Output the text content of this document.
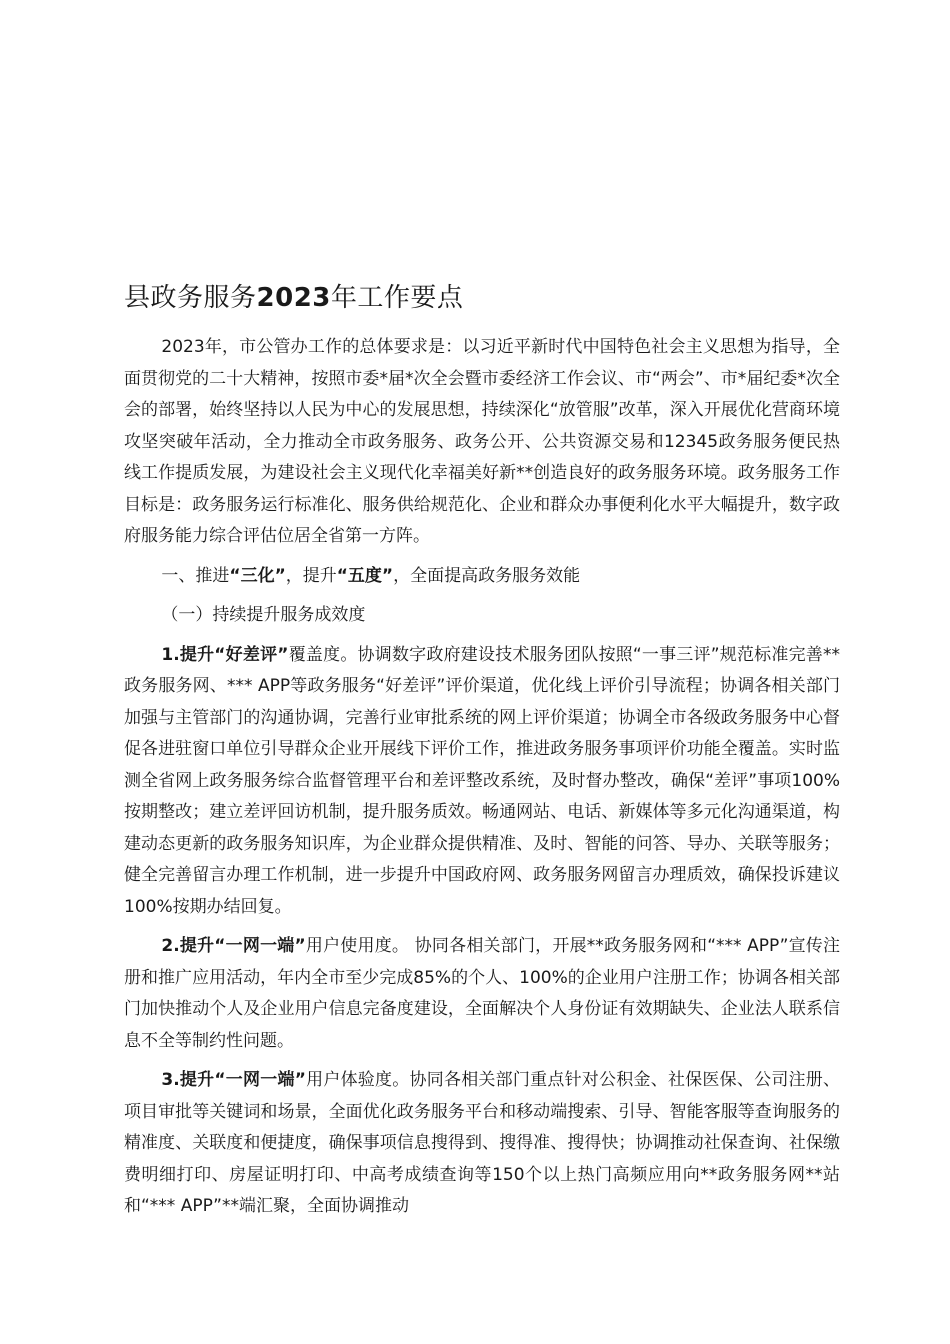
县政务服务2023年工作要点

2023年，市公管办工作的总体要求是：以习近平新时代中国特色社会主义思想为指导，全面贯彻党的二十大精神，按照市委*届*次全会暨市委经济工作会议、市“两会”、市*届纪委*次全会的部署，始终坚持以人民为中心的发展思想，持续深化“放管服”改革，深入开展优化营商环境攻坚突破年活动，全力推动全市政务服务、政务公开、公共资源交易和12345政务服务便民热线工作提质发展，为建设社会主义现代化幸福美好新**创造良好的政务服务环境。政务服务工作目标是：政务服务运行标准化、服务供给规范化、企业和群众办事便利化水平大幅提升，数字政府服务能力综合评估位居全省第一方阵。

一、推进“三化”，提升“五度”，全面提高政务服务效能

（一）持续提升服务成效度

1.提升“好差评”覆盖度。协调数字政府建设技术服务团队按照“一事三评”规范标准完善**政务服务网、*** APP等政务服务“好差评”评价渠道，优化线上评价引导流程；协调各相关部门加强与主管部门的沟通协调，完善行业审批系统的网上评价渠道；协调全市各级政务服务中心督促各进驻窗口单位引导群众企业开展线下评价工作，推进政务服务事项评价功能全覆盖。实时监测全省网上政务服务综合监督管理平台和差评整改系统，及时督办整改，确保“差评”事项100%按期整改；建立差评回访机制，提升服务质效。畅通网站、电话、新媒体等多元化沟通渠道，构建动态更新的政务服务知识库，为企业群众提供精准、及时、智能的问答、导办、关联等服务；健全完善留言办理工作机制，进一步提升中国政府网、政务服务网留言办理质效，确保投诉建议100%按期办结回复。

2.提升“一网一端”用户使用度。 协同各相关部门，开展**政务服务网和“*** APP”宣传注册和推广应用活动，年内全市至少完成85%的个人、100%的企业用户注册工作；协调各相关部门加快推动个人及企业用户信息完备度建设，全面解决个人身份证有效期缺失、企业法人联系信息不全等制约性问题。

3.提升“一网一端”用户体验度。协同各相关部门重点针对公积金、社保医保、公司注册、项目审批等关键词和场景，全面优化政务服务平台和移动端搜索、引导、智能客服等查询服务的精准度、关联度和便捷度，确保事项信息搜得到、搜得准、搜得快；协调推动社保查询、社保缴费明细打印、房屋证明打印、中高考成绩查询等150个以上热门高频应用向**政务服务网**站和“*** APP”**端汇聚，全面协调推动
